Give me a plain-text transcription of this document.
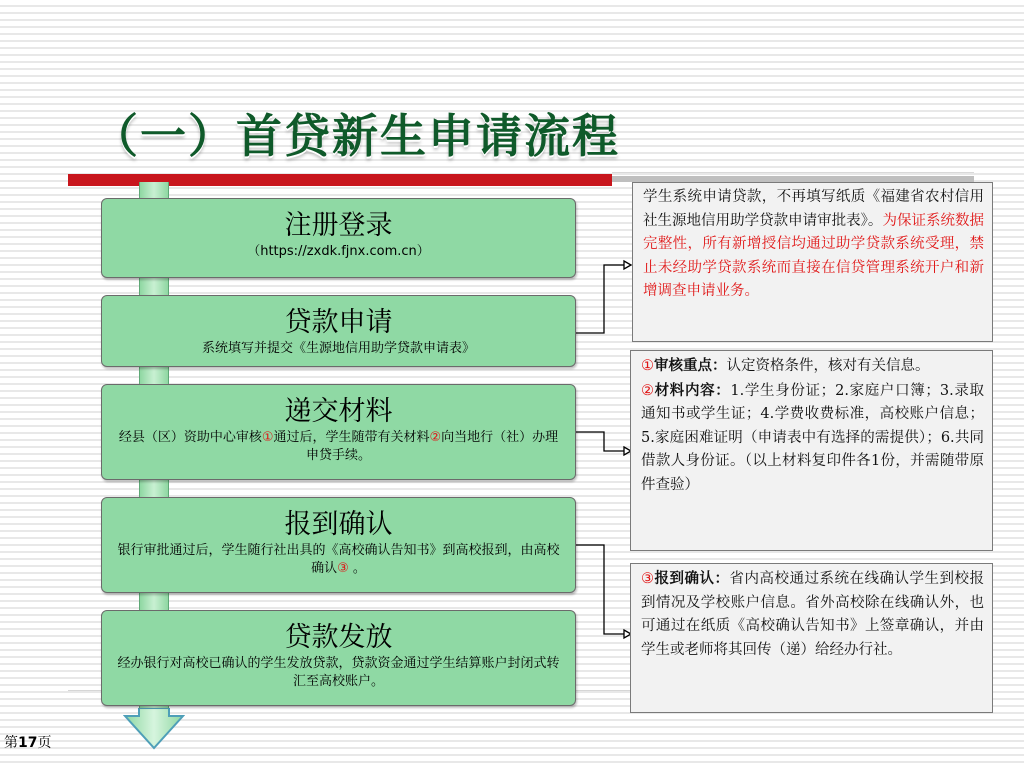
（一）首贷新生申请流程
注册登录
（https://zxdk.fjnx.com.cn）
贷款申请
系统填写并提交《生源地信用助学贷款申请表》
递交材料
经县（区）资助中心审核①通过后，学生随带有关材料②向当地行（社）办理申贷手续。
报到确认
银行审批通过后，学生随行社出具的《高校确认告知书》到高校报到，由高校确认③ 。
贷款发放
经办银行对高校已确认的学生发放贷款，贷款资金通过学生结算账户封闭式转汇至高校账户。
学生系统申请贷款，不再填写纸质《福建省农村信用社生源地信用助学贷款申请审批表》。为保证系统数据完整性，所有新增授信均通过助学贷款系统受理，禁止未经助学贷款系统而直接在信贷管理系统开户和新增调查申请业务。
①审核重点：认定资格条件，核对有关信息。
②材料内容：1.学生身份证；2.家庭户口簿；3.录取通知书或学生证；4.学费收费标准，高校账户信息；5.家庭困难证明（申请表中有选择的需提供）；6.共同借款人身份证。（以上材料复印件各1份，并需随带原件查验）
③报到确认：省内高校通过系统在线确认学生到校报到情况及学校账户信息。省外高校除在线确认外，也可通过在纸质《高校确认告知书》上签章确认，并由学生或老师将其回传（递）给经办行社。
第17页
